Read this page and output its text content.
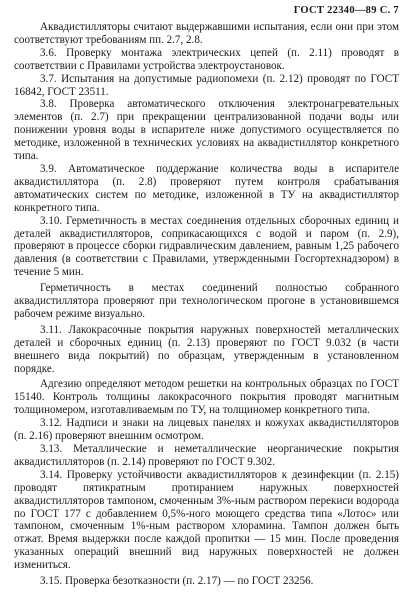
ГОСТ 22340—89 С. 7

Аквадистилляторы считают выдержавшими испытания, если они при этом соответствуют требованиям пп. 2.7, 2.8.

3.6. Проверку монтажа электрических цепей (п. 2.11) проводят в соответствии с Правилами устройства электроустановок.

3.7. Испытания на допустимые радиопомехи (п. 2.12) проводят по ГОСТ 16842, ГОСТ 23511.

3.8. Проверка автоматического отключения электронагревательных элементов (п. 2.7) при прекращении централизованной подачи воды или понижении уровня воды в испарителе ниже допустимого осуществляется по методике, изложенной в технических условиях на аквадистиллятор конкретного типа.

3.9. Автоматическое поддержание количества воды в испарителе аквадистиллятора (п. 2.8) проверяют путем контроля срабатывания автоматических систем по методике, изложенной в ТУ на аквадистиллятор конкретного типа.

3.10. Герметичность в местах соединения отдельных сборочных единиц и деталей аквадистилляторов, соприкасающихся с водой и паром (п. 2.9), проверяют в процессе сборки гидравлическим давлением, равным 1,25 рабочего давления (в соответствии с Правилами, утвержденными Госгортехнадзором) в течение 5 мин.

Герметичность в местах соединений полностью собранного аквадистиллятора проверяют при технологическом прогоне в установившемся рабочем режиме визуально.

3.11. Лакокрасочные покрытия наружных поверхностей металлических деталей и сборочных единиц (п. 2.13) проверяют по ГОСТ 9.032 (в части внешнего вида покрытий) по образцам, утвержденным в установленном порядке.

Адгезию определяют методом решетки на контрольных образцах по ГОСТ 15140. Контроль толщины лакокрасочного покрытия проводят магнитным толщиномером, изготавливаемым по ТУ, на толщиномер конкретного типа.

3.12. Надписи и знаки на лицевых панелях и кожухах аквадистилляторов (п. 2.16) проверяют внешним осмотром.

3.13. Металлические и неметаллические неорганические покрытия аквадистилляторов (п. 2.14) проверяют по ГОСТ 9.302.

3.14. Проверку устойчивости аквадистилляторов к дезинфекции (п. 2.15) проводят пятикратным протиранием наружных поверхностей аквадистилляторов тампоном, смоченным 3%-ным раствором перекиси водорода по ГОСТ 177 с добавлением 0,5%-ного моющего средства типа «Лотос» или тампоном, смоченным 1%-ным раствором хлорамина. Тампон должен быть отжат. Время выдержки после каждой пропитки — 15 мин. После проведения указанных операций внешний вид наружных поверхностей не должен измениться.

3.15. Проверка безотказности (п. 2.17) — по ГОСТ 23256.
